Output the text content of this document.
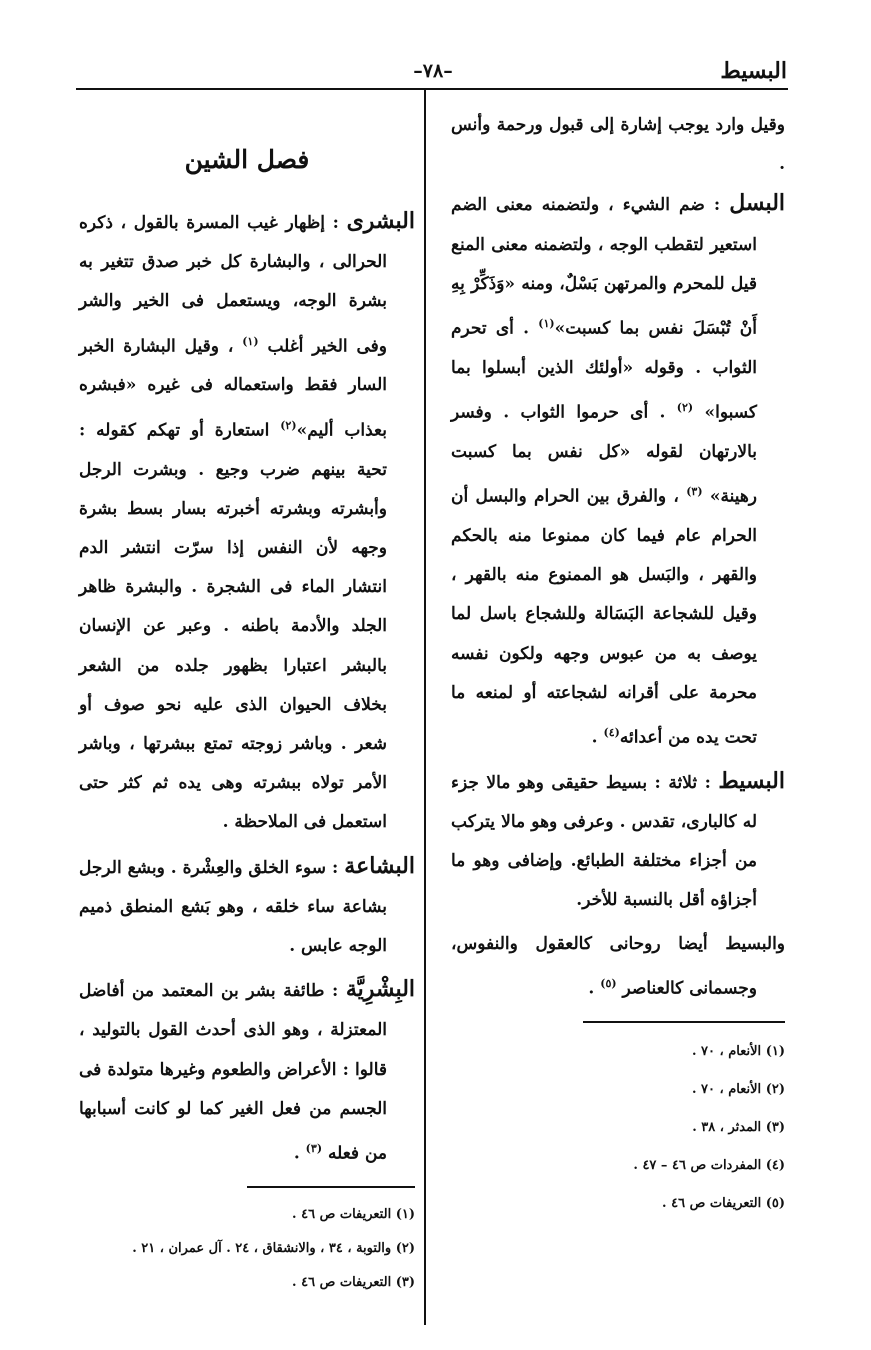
البسيط
–٧٨–

وقيل وارد يوجب إشارة إلى قبول ورحمة وأنس .

البسل : ضم الشيء ، ولتضمنه معنى الضم استعير لتقطب الوجه ، ولتضمنه معنى المنع قيل للمحرم والمرتهن بَسْلٌ، ومنه «وَذَكِّرْ بِهِ أَنْ تُبْسَلَ نفس بما كسبت»$^{(١)}$ . أى تحرم الثواب . وقوله «أولئك الذين أبسلوا بما كسبوا» $^{(٢)}$ . أى حرموا الثواب . وفسر بالارتهان لقوله «كل نفس بما كسبت رهينة» $^{(٣)}$ ، والفرق بين الحرام والبسل أن الحرام عام فيما كان ممنوعا منه بالحكم والقهر ، والبَسل هو الممنوع منه بالقهر ، وقيل للشجاعة البَسَالة وللشجاع باسل لما يوصف به من عبوس وجهه ولكون نفسه محرمة على أقرانه لشجاعته أو لمنعه ما تحت يده من أعدائه$^{(٤)}$ .

البسيط : ثلاثة : بسيط حقيقى وهو مالا جزء له كالبارى، تقدس . وعرفى وهو مالا يتركب من أجزاء مختلفة الطبائع. وإضافى وهو ما أجزاؤه أقل بالنسبة للأخر.

والبسيط أيضا روحانى كالعقول والنفوس، وجسمانى كالعناصر $^{(٥)}$ .

(١) الأنعام ، ٧٠ .
(٢) الأنعام ، ٧٠ .
(٣) المدثر ، ٣٨ .
(٤) المفردات ص ٤٦ – ٤٧ .
(٥) التعريفات ص ٤٦ .
فصل الشين

البشرى : إظهار غيب المسرة بالقول ، ذكره الحرالى ، والبشارة كل خبر صدق تتغير به بشرة الوجه، ويستعمل فى الخير والشر وفى الخير أغلب $^{(١)}$ ، وقيل البشارة الخبر السار فقط واستعماله فى غيره «فبشره بعذاب أليم»$^{(٢)}$ استعارة أو تهكم كقوله : تحية بينهم ضرب وجيع . وبشرت الرجل وأبشرته وبشرته أخبرته بسار بسط بشرة وجهه لأن النفس إذا سرّت انتشر الدم انتشار الماء فى الشجرة . والبشرة ظاهر الجلد والأدمة باطنه . وعبر عن الإنسان بالبشر اعتبارا بظهور جلده من الشعر بخلاف الحيوان الذى عليه نحو صوف أو شعر . وباشر زوجته تمتع ببشرتها ، وباشر الأمر تولاه ببشرته وهى يده ثم كثر حتى استعمل فى الملاحظة .

البشاعة : سوء الخلق والعِشْرة . وبشع الرجل بشاعة ساء خلقه ، وهو بَشع المنطق ذميم الوجه عابس .

البِشْرِيَّة : طائفة بشر بن المعتمد من أفاضل المعتزلة ، وهو الذى أحدث القول بالتوليد ، قالوا : الأعراض والطعوم وغيرها متولدة فى الجسم من فعل الغير كما لو كانت أسبابها من فعله $^{(٣)}$ .

(١) التعريفات ص ٤٦ .
(٢) والتوبة ، ٣٤ ، والانشقاق ، ٢٤ . آل عمران ، ٢١ .
(٣) التعريفات ص ٤٦ .
